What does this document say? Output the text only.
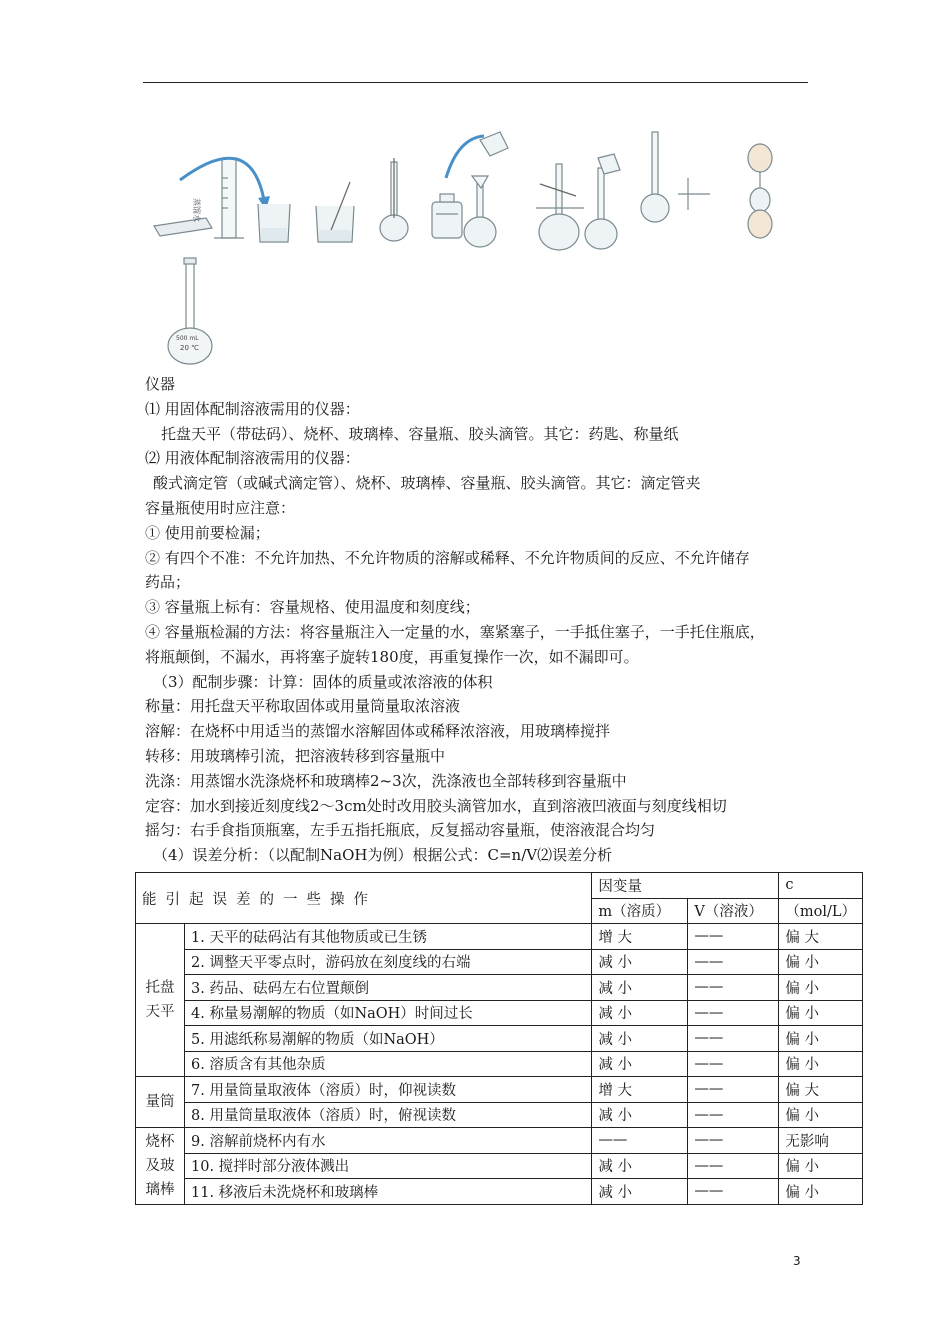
蒸馏水
500 mL
20 ℃

仪器

⑴ 用固体配制溶液需用的仪器：

托盘天平（带砝码）、烧杯、玻璃棒、容量瓶、胶头滴管。其它：药匙、称量纸

⑵ 用液体配制溶液需用的仪器：

酸式滴定管（或碱式滴定管）、烧杯、玻璃棒、容量瓶、胶头滴管。其它：滴定管夹

容量瓶使用时应注意：

① 使用前要检漏；

② 有四个不准：不允许加热、不允许物质的溶解或稀释、不允许物质间的反应、不允许储存

药品；

③ 容量瓶上标有：容量规格、使用温度和刻度线；

④ 容量瓶检漏的方法：将容量瓶注入一定量的水，塞紧塞子，一手抵住塞子，一手托住瓶底，

将瓶颠倒，不漏水，再将塞子旋转180度，再重复操作一次，如不漏即可。

（3）配制步骤：计算：固体的质量或浓溶液的体积

称量：用托盘天平称取固体或用量筒量取浓溶液

溶解：在烧杯中用适当的蒸馏水溶解固体或稀释浓溶液，用玻璃棒搅拌

转移：用玻璃棒引流，把溶液转移到容量瓶中

洗涤：用蒸馏水洗涤烧杯和玻璃棒2~3次，洗涤液也全部转移到容量瓶中

定容：加水到接近刻度线2～3cm处时改用胶头滴管加水，直到溶液凹液面与刻度线相切

摇匀：右手食指顶瓶塞，左手五指托瓶底，反复摇动容量瓶，使溶液混合均匀

（4）误差分析：（以配制NaOH为例）根据公式：C=n/V⑵误差分析

能引起误差的一些操作		因变量		c
		m（溶质）	V（溶液）	（mol/L）
托盘天平	1. 天平的砝码沾有其他物质或已生锈	增 大	——	偏 大
	2. 调整天平零点时，游码放在刻度线的右端	减 小	——	偏 小
	3. 药品、砝码左右位置颠倒	减 小	——	偏 小
	4. 称量易潮解的物质（如NaOH）时间过长	减 小	——	偏 小
	5. 用滤纸称易潮解的物质（如NaOH）	减 小	——	偏 小
	6. 溶质含有其他杂质	减 小	——	偏 小
量筒	7. 用量筒量取液体（溶质）时，仰视读数	增 大	——	偏 大
	8. 用量筒量取液体（溶质）时，俯视读数	减 小	——	偏 小
烧杯及玻璃棒	9. 溶解前烧杯内有水	——	——	无影响
	10. 搅拌时部分液体溅出	减 小	——	偏 小
	11. 移液后未洗烧杯和玻璃棒	减 小	——	偏 小
3
